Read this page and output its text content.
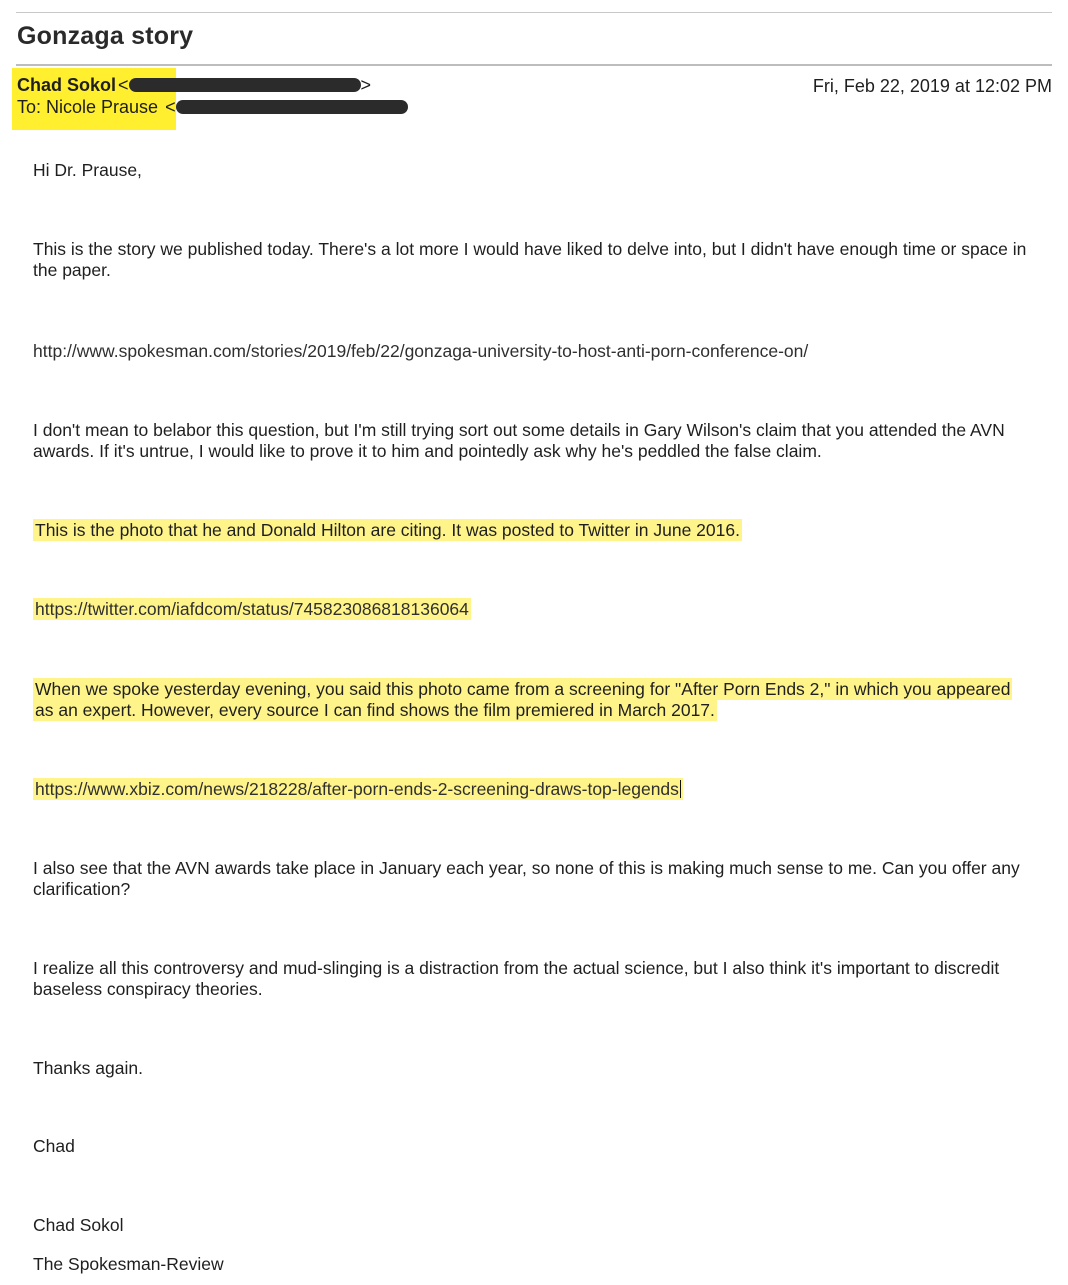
Gonzaga story
Chad Sokol <	>
To: Nicole Prause <
Fri, Feb 22, 2019 at 12:02 PM

Hi Dr. Prause,

This is the story we published today. There's a lot more I would have liked to delve into, but I didn't have enough time or space in the paper.

http://www.spokesman.com/stories/2019/feb/22/gonzaga-university-to-host-anti-porn-conference-on/

I don't mean to belabor this question, but I'm still trying sort out some details in Gary Wilson's claim that you attended the AVN awards. If it's untrue, I would like to prove it to him and pointedly ask why he's peddled the false claim.

This is the photo that he and Donald Hilton are citing. It was posted to Twitter in June 2016.

https://twitter.com/iafdcom/status/745823086818136064

When we spoke yesterday evening, you said this photo came from a screening for "After Porn Ends 2," in which you appeared as an expert. However, every source I can find shows the film premiered in March 2017.

https://www.xbiz.com/news/218228/after-porn-ends-2-screening-draws-top-legends

I also see that the AVN awards take place in January each year, so none of this is making much sense to me. Can you offer any clarification?

I realize all this controversy and mud-slinging is a distraction from the actual science, but I also think it's important to discredit baseless conspiracy theories.

Thanks again.

Chad

Chad Sokol

The Spokesman-Review
